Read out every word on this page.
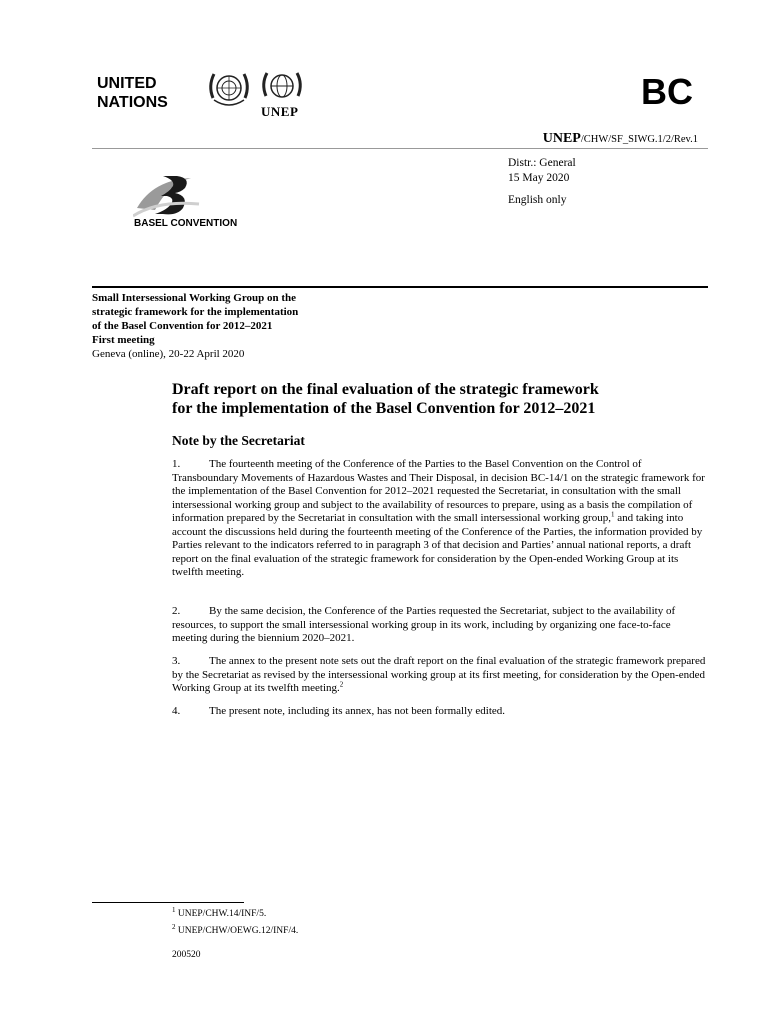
UNITED
NATIONS
UNEP	BC
UNEP/CHW/SF_SIWG.1/2/Rev.1
Distr.: General
15 May 2020
English only
BASEL CONVENTION
Small Intersessional Working Group on the
strategic framework for the implementation
of the Basel Convention for 2012–2021
First meeting
Geneva (online), 20-22 April 2020
Draft report on the final evaluation of the strategic framework
for the implementation of the Basel Convention for 2012–2021
Note by the Secretariat
1.	The fourteenth meeting of the Conference of the Parties to the Basel Convention on the Control of Transboundary Movements of Hazardous Wastes and Their Disposal, in decision BC-14/1 on the strategic framework for the implementation of the Basel Convention for 2012–2021 requested the Secretariat, in consultation with the small intersessional working group and subject to the availability of resources to prepare, using as a basis the compilation of information prepared by the Secretariat in consultation with the small intersessional working group,$^1$ and taking into account the discussions held during the fourteenth meeting of the Conference of the Parties, the information provided by Parties relevant to the indicators referred to in paragraph 3 of that decision and Parties’ annual national reports, a draft report on the final evaluation of the strategic framework for consideration by the Open-ended Working Group at its twelfth meeting.
2.	By the same decision, the Conference of the Parties requested the Secretariat, subject to the availability of resources, to support the small intersessional working group in its work, including by organizing one face-to-face meeting during the biennium 2020–2021.
3.	The annex to the present note sets out the draft report on the final evaluation of the strategic framework prepared by the Secretariat as revised by the intersessional working group at its first meeting, for consideration by the Open-ended Working Group at its twelfth meeting.$^2$
4.	The present note, including its annex, has not been formally edited.
$^1$ UNEP/CHW.14/INF/5.
$^2$ UNEP/CHW/OEWG.12/INF/4.
200520
